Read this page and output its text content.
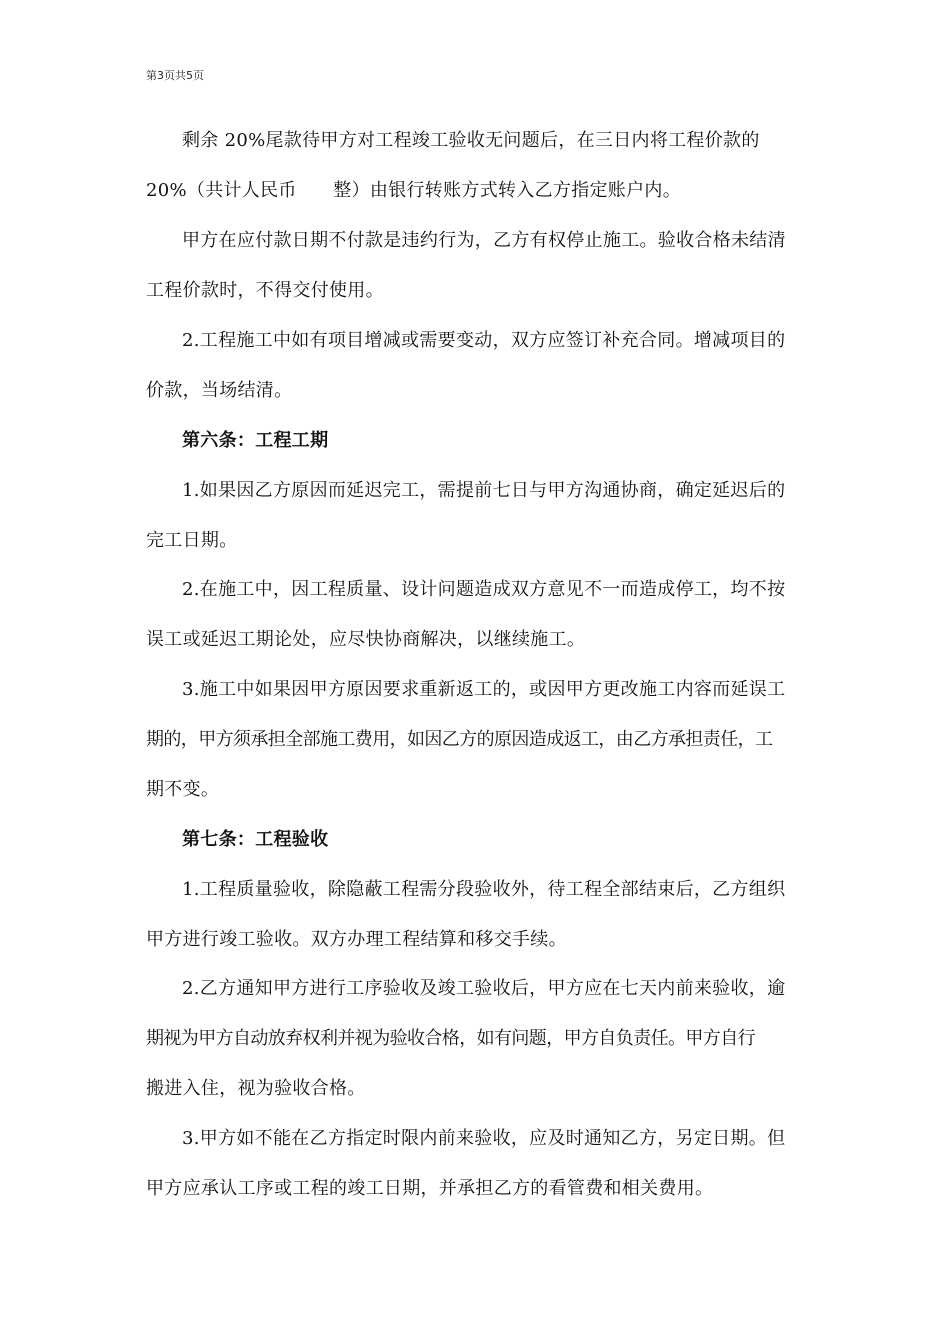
第3页共5页
剩余 20%尾款待甲方对工程竣工验收无问题后，在三日内将工程价款的
20%（共计人民币　　整）由银行转账方式转入乙方指定账户内。
甲方在应付款日期不付款是违约行为，乙方有权停止施工。验收合格未结清
工程价款时，不得交付使用。
2.工程施工中如有项目增减或需要变动，双方应签订补充合同。增减项目的
价款，当场结清。
第六条：工程工期
1.如果因乙方原因而延迟完工，需提前七日与甲方沟通协商，确定延迟后的
完工日期。
2.在施工中，因工程质量、设计问题造成双方意见不一而造成停工，均不按
误工或延迟工期论处，应尽快协商解决，以继续施工。
3.施工中如果因甲方原因要求重新返工的，或因甲方更改施工内容而延误工
期的，甲方须承担全部施工费用，如因乙方的原因造成返工，由乙方承担责任，工
期不变。
第七条：工程验收
1.工程质量验收，除隐蔽工程需分段验收外，待工程全部结束后，乙方组织
甲方进行竣工验收。双方办理工程结算和移交手续。
2.乙方通知甲方进行工序验收及竣工验收后，甲方应在七天内前来验收，逾
期视为甲方自动放弃权利并视为验收合格，如有问题，甲方自负责任。甲方自行
搬进入住，视为验收合格。
3.甲方如不能在乙方指定时限内前来验收，应及时通知乙方，另定日期。但
甲方应承认工序或工程的竣工日期，并承担乙方的看管费和相关费用。
